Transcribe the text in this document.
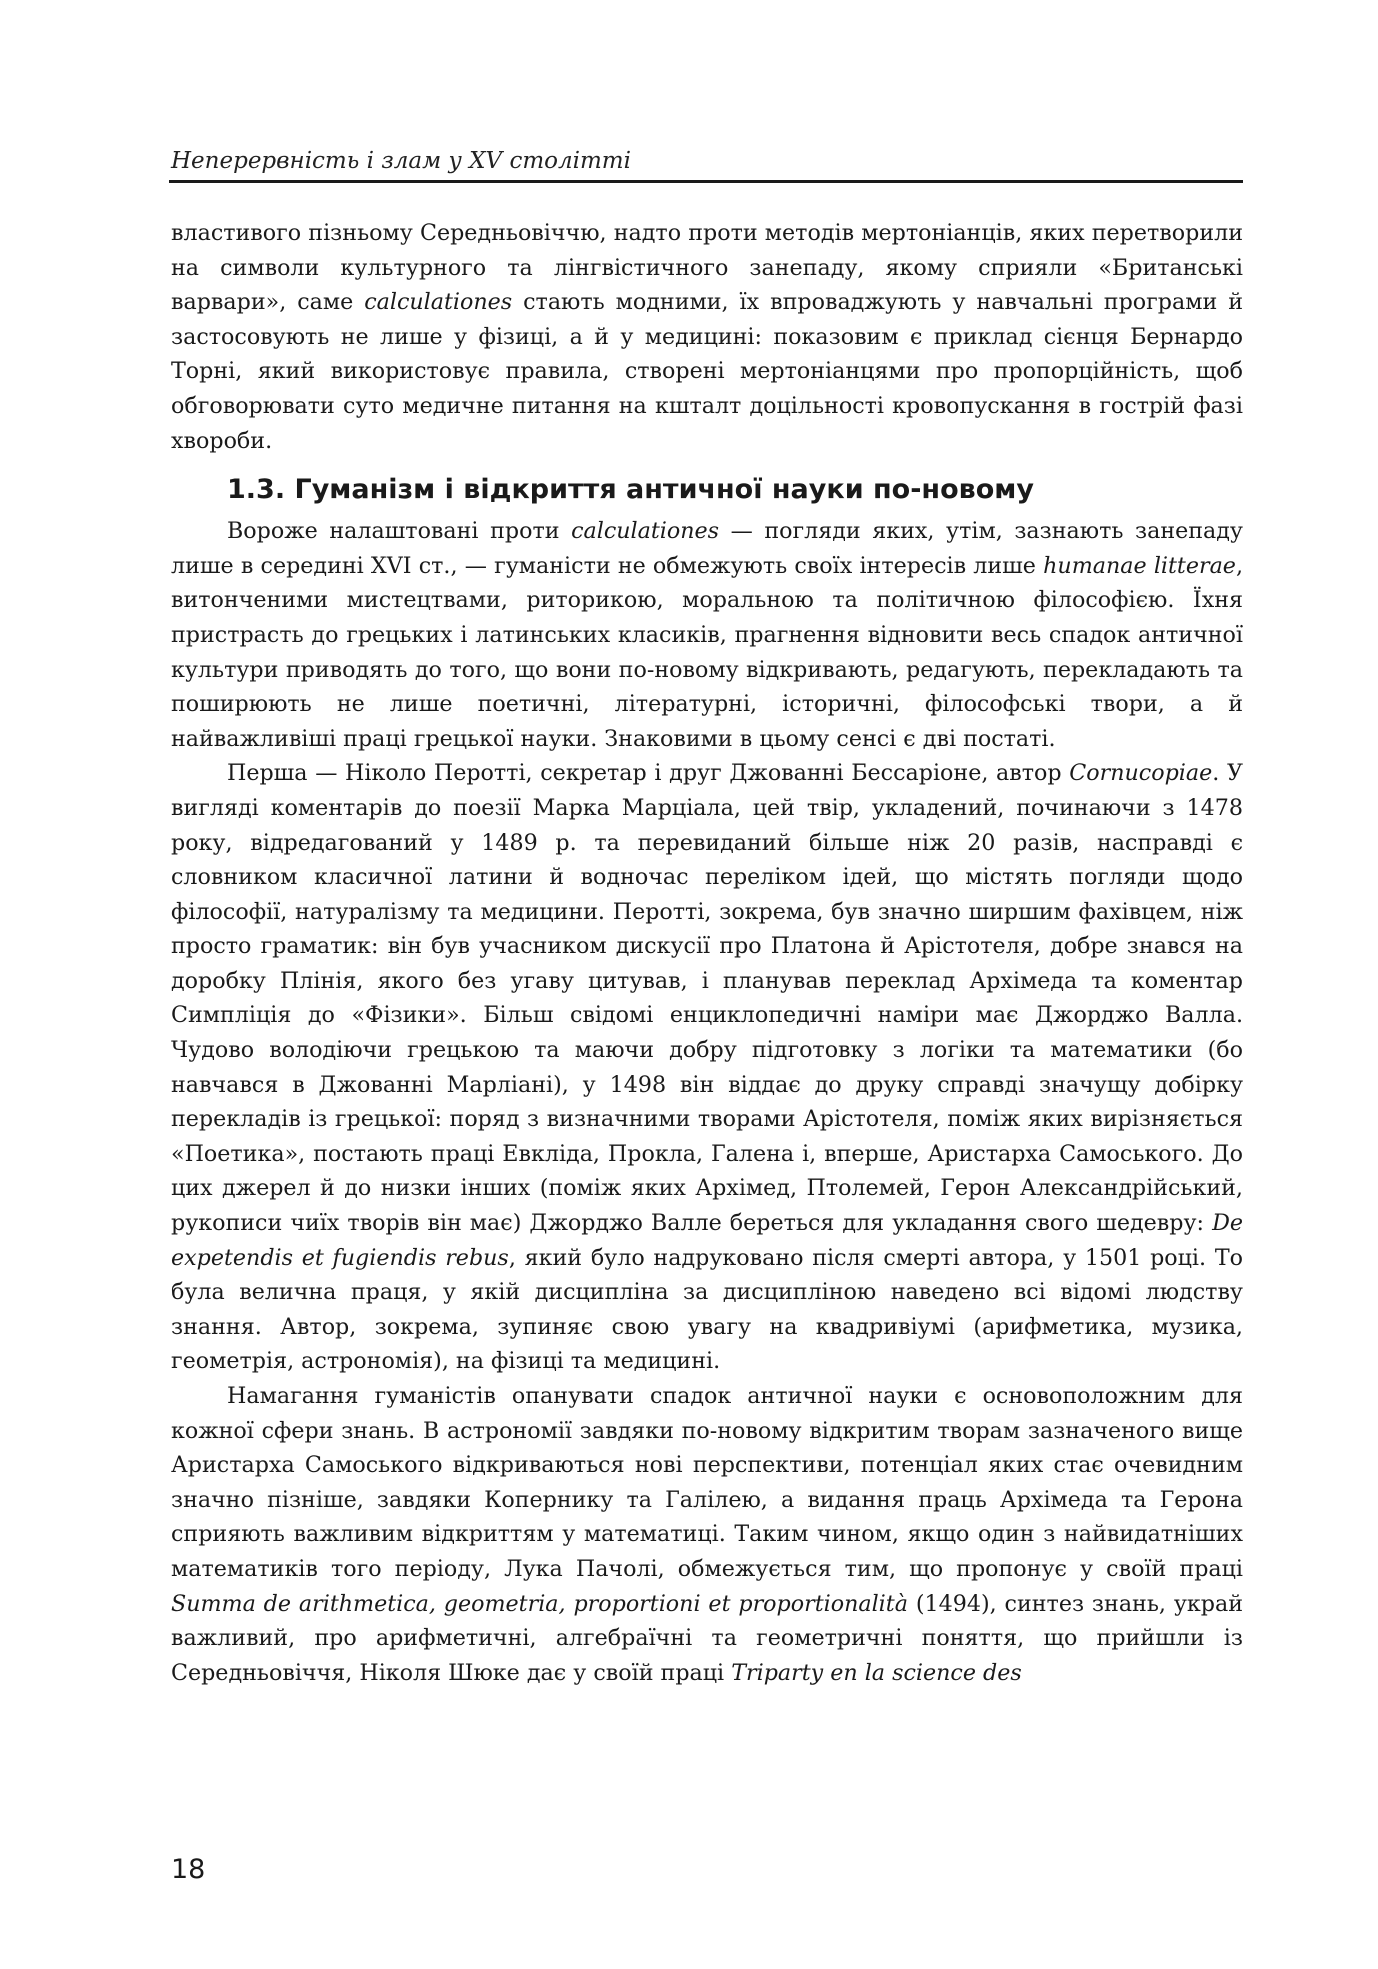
Неперервність і злам у XV столітті

властивого пізньому Середньовіччю, надто проти методів мертоніанців, яких перетворили на символи культурного та лінгвістичного занепаду, якому сприяли «Британські варвари», саме calculationes стають модними, їх впроваджують у навчальні програми й застосовують не лише у фізиці, а й у медицині: показовим є приклад сієнця Бернардо Торні, який використовує правила, створені мертоніанцями про пропорційність, щоб обговорювати суто медичне питання на кшталт доцільності кровопускання в гострій фазі хвороби.

1.3. Гуманізм і відкриття античної науки по-новому

Вороже налаштовані проти calculationes — погляди яких, утім, зазнають занепаду лише в середині XVI ст., — гуманісти не обмежують своїх інтересів лише humanae litterae, витонченими мистецтвами, риторикою, моральною та політичною філософією. Їхня пристрасть до грецьких і латинських класиків, прагнення відновити весь спадок античної культури приводять до того, що вони по-новому відкривають, редагують, перекладають та поширюють не лише поетичні, літературні, історичні, філософські твори, а й найважливіші праці грецької науки. Знаковими в цьому сенсі є дві постаті.

Перша — Ніколо Перотті, секретар і друг Джованні Бессаріоне, автор Cornucopiae. У вигляді коментарів до поезії Марка Марціала, цей твір, укладений, починаючи з 1478 року, відредагований у 1489 р. та перевиданий більше ніж 20 разів, насправді є словником класичної латини й водночас переліком ідей, що містять погляди щодо філософії, натуралізму та медицини. Перотті, зокрема, був значно ширшим фахівцем, ніж просто граматик: він був учасником дискусії про Платона й Арістотеля, добре знався на доробку Плінія, якого без угаву цитував, і планував переклад Архімеда та коментар Симпліція до «Фізики». Більш свідомі енциклопедичні наміри має Джорджо Валла. Чудово володіючи грецькою та маючи добру підготовку з логіки та математики (бо навчався в Джованні Марліані), у 1498 він віддає до друку справді значущу добірку перекладів із грецької: поряд з визначними творами Арістотеля, поміж яких вирізняється «Поетика», постають праці Евкліда, Прокла, Галена і, вперше, Аристарха Самоського. До цих джерел й до низки інших (поміж яких Архімед, Птолемей, Герон Александрійський, рукописи чиїх творів він має) Джорджо Валле береться для укладання свого шедевру: De expetendis et fugiendis rebus, який було надруковано після смерті автора, у 1501 році. То була велична праця, у якій дисципліна за дисципліною наведено всі відомі людству знання. Автор, зокрема, зупиняє свою увагу на квадривіумі (арифметика, музика, геометрія, астрономія), на фізиці та медицині.

Намагання гуманістів опанувати спадок античної науки є основоположним для кожної сфери знань. В астрономії завдяки по-новому відкритим творам зазначеного вище Аристарха Самоського відкриваються нові перспективи, потенціал яких стає очевидним значно пізніше, завдяки Копернику та Галілею, а видання праць Архімеда та Герона сприяють важливим відкриттям у математиці. Таким чином, якщо один з найвидатніших математиків того періоду, Лука Пачолі, обмежується тим, що пропонує у своїй праці Summa de arithmetica, geometria, proportioni et proportionalità (1494), синтез знань, украй важливий, про арифметичні, алгебраїчні та геометричні поняття, що прийшли із Середньовіччя, Ніколя Шюке дає у своїй праці Triparty en la science des

18
